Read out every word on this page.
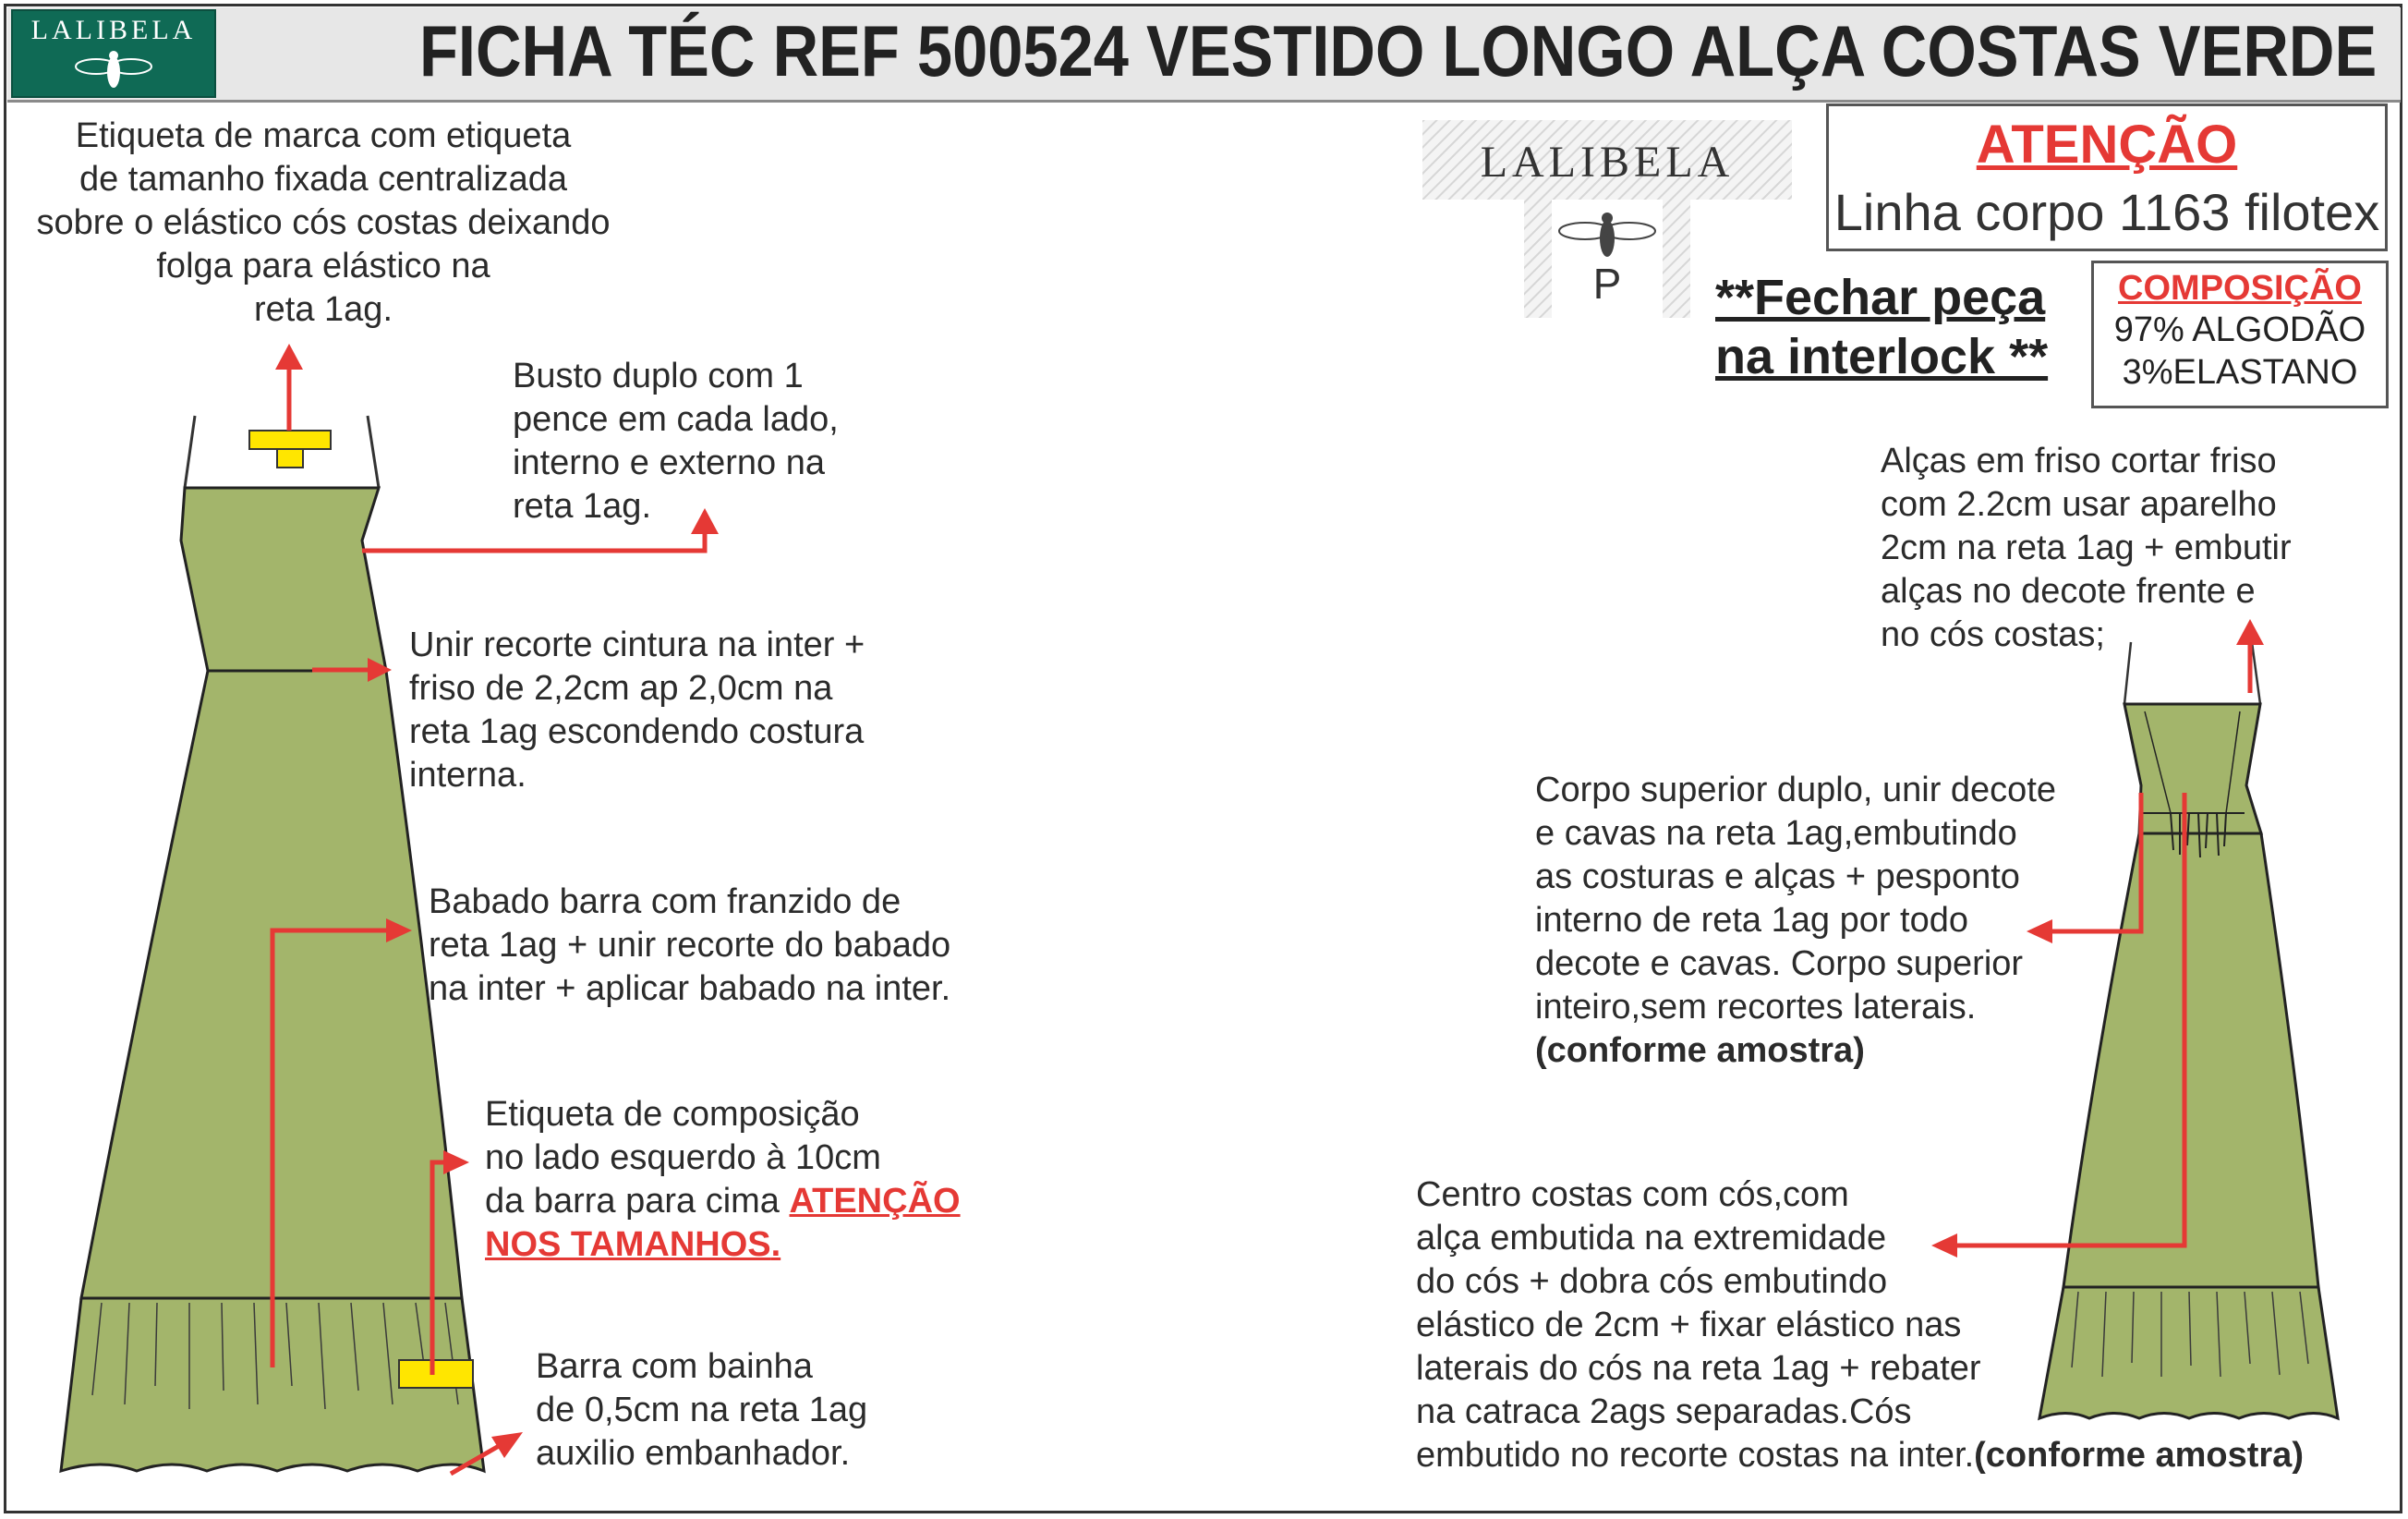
LALIBELA	FICHA TÉC REF 500524 VESTIDO LONGO ALÇA COSTAS VERDE
LALIBELA
P
ATENÇÃO
Linha corpo 1163 filotex
**Fechar peça
na interlock **
COMPOSIÇÃO
97% ALGODÃO
3%ELASTANO
Etiqueta de marca com etiqueta
de tamanho fixada centralizada
sobre o elástico cós costas deixando
folga para elástico na
reta 1ag.
Busto duplo com 1
pence em cada lado,
interno e externo na
reta 1ag.
Unir recorte cintura na inter +
friso de 2,2cm ap 2,0cm na
reta 1ag escondendo costura
interna.
Babado barra com franzido de
reta 1ag + unir recorte do babado
na inter + aplicar babado na inter.
Etiqueta de composição
no lado esquerdo à 10cm
da barra para cima ATENÇÃO
NOS TAMANHOS.
Barra com bainha
de 0,5cm na reta 1ag
auxilio embanhador.
Alças em friso cortar friso
com 2.2cm usar aparelho
2cm na reta 1ag + embutir
alças no decote frente e
no cós costas;
Corpo superior duplo, unir decote
e cavas na reta 1ag,embutindo
as costuras e alças + pesponto
interno de reta 1ag por todo
decote e cavas. Corpo superior
inteiro,sem recortes laterais.
(conforme amostra)
Centro costas com cós,com
alça embutida na extremidade
do cós + dobra cós embutindo
elástico de 2cm + fixar elástico nas
laterais do cós na reta 1ag + rebater
na catraca 2ags separadas.Cós
embutido no recorte costas na inter.(conforme amostra)
